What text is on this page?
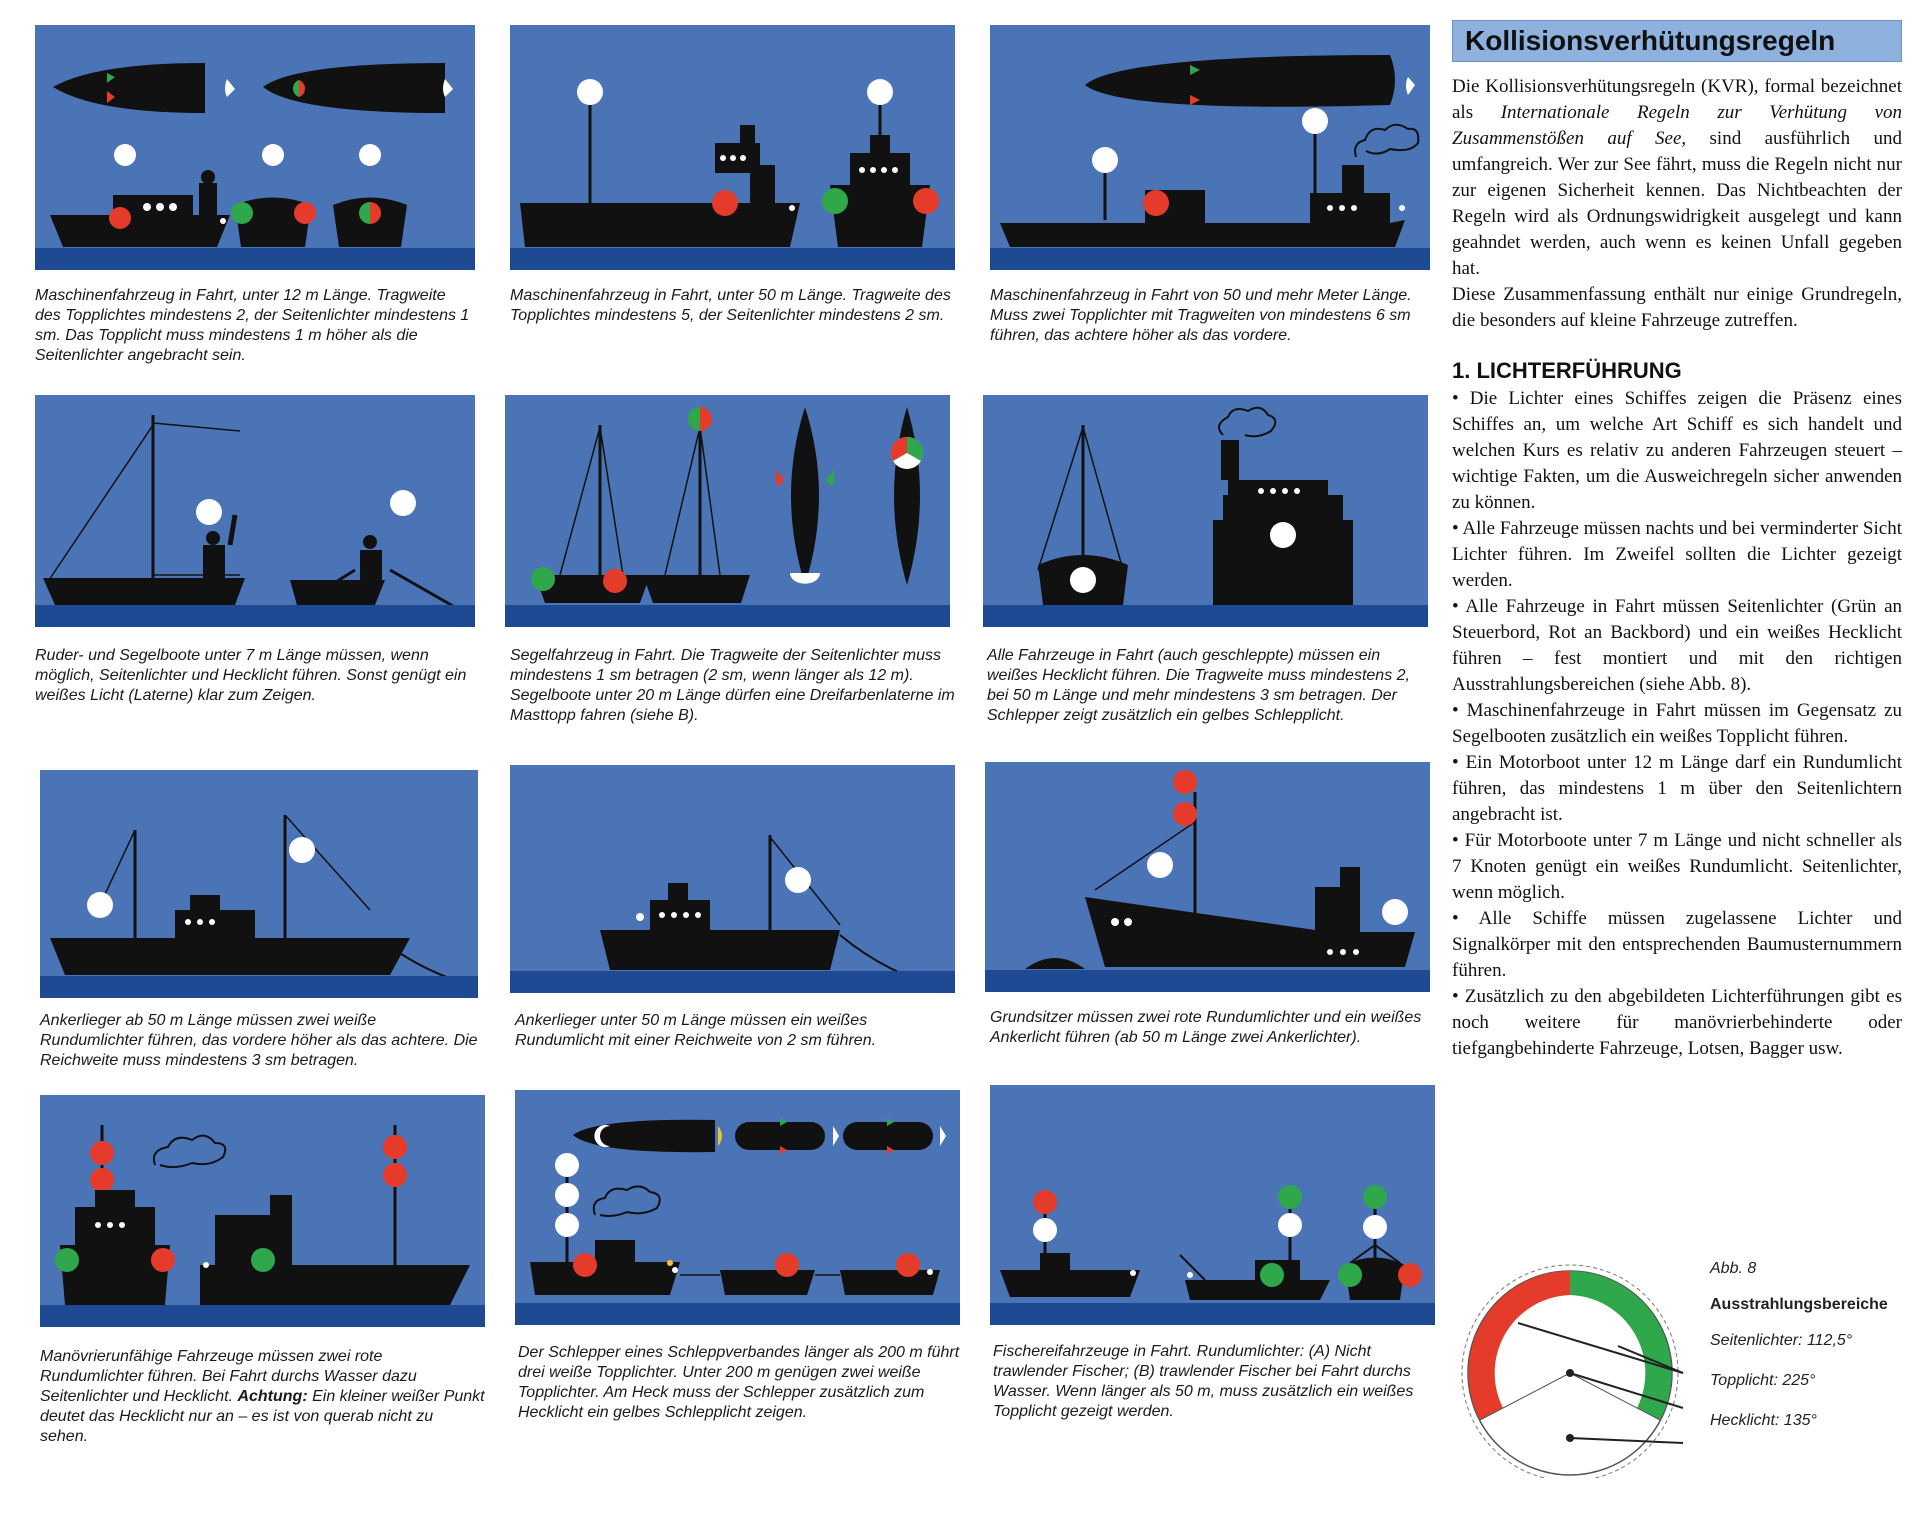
Maschinenfahrzeug in Fahrt, unter 12 m Länge. Tragweite des Topplichtes mindestens 2, der Seitenlichter mindestens 1 sm. Das Topplicht muss mindestens 1 m höher als die Seitenlichter angebracht sein.
Maschinenfahrzeug in Fahrt, unter 50 m Länge. Tragweite des Topplichtes mindestens 5, der Seitenlichter mindestens 2 sm.
Maschinenfahrzeug in Fahrt von 50 und mehr Meter Länge. Muss zwei Topplichter mit Tragweiten von mindestens 6 sm führen, das achtere höher als das vordere.
Ruder- und Segelboote unter 7 m Länge müssen, wenn möglich, Seitenlichter und Hecklicht führen. Sonst genügt ein weißes Licht (Laterne) klar zum Zeigen.
Segelfahrzeug in Fahrt. Die Tragweite der Seitenlichter muss mindestens 1 sm betragen (2 sm, wenn länger als 12 m). Segelboote unter 20 m Länge dürfen eine Dreifarbenlaterne im Masttopp fahren (siehe B).
Alle Fahrzeuge in Fahrt (auch geschleppte) müssen ein weißes Hecklicht führen. Die Tragweite muss mindestens 2, bei 50 m Länge und mehr mindestens 3 sm betragen. Der Schlepper zeigt zusätzlich ein gelbes Schlepplicht.
Ankerlieger ab 50 m Länge müssen zwei weiße Rundumlichter führen, das vordere höher als das achtere. Die Reichweite muss mindestens 3 sm betragen.
Ankerlieger unter 50 m Länge müssen ein weißes Rundumlicht mit einer Reichweite von 2 sm führen.
Grundsitzer müssen zwei rote Rundumlichter und ein weißes Ankerlicht führen (ab 50 m Länge zwei Ankerlichter).
Manövrierunfähige Fahrzeuge müssen zwei rote Rundumlichter führen. Bei Fahrt durchs Wasser dazu Seitenlichter und Hecklicht. Achtung: Ein kleiner weißer Punkt deutet das Hecklicht nur an – es ist von querab nicht zu sehen.
Der Schlepper eines Schleppverbandes länger als 200 m führt drei weiße Topplichter. Unter 200 m genügen zwei weiße Topplichter. Am Heck muss der Schlepper zusätzlich zum Hecklicht ein gelbes Schlepplicht zeigen.
Fischereifahrzeuge in Fahrt. Rundumlichter: (A) Nicht trawlender Fischer; (B) trawlender Fischer bei Fahrt durchs Wasser. Wenn länger als 50 m, muss zusätzlich ein weißes Topplicht gezeigt werden.
Kollisionsverhütungsregeln

Die Kollisionsverhütungsregeln (KVR), formal bezeichnet als Internationale Regeln zur Verhütung von Zusammenstößen auf See, sind ausführlich und umfangreich. Wer zur See fährt, muss die Regeln nicht nur zur eigenen Sicherheit kennen. Das Nichtbeachten der Regeln wird als Ordnungswidrigkeit ausgelegt und kann geahndet werden, auch wenn es keinen Unfall gegeben hat.

Diese Zusammenfassung enthält nur einige Grundregeln, die besonders auf kleine Fahrzeuge zutreffen.

1. LICHTERFÜHRUNG

• Die Lichter eines Schiffes zeigen die Präsenz eines Schiffes an, um welche Art Schiff es sich handelt und welchen Kurs es relativ zu anderen Fahrzeugen steuert – wichtige Fakten, um die Ausweichregeln sicher anwenden zu können.

• Alle Fahrzeuge müssen nachts und bei verminderter Sicht Lichter führen. Im Zweifel sollten die Lichter gezeigt werden.

• Alle Fahrzeuge in Fahrt müssen Seitenlichter (Grün an Steuerbord, Rot an Backbord) und ein weißes Hecklicht führen – fest montiert und mit den richtigen Ausstrahlungsbereichen (siehe Abb. 8).

• Maschinenfahrzeuge in Fahrt müssen im Gegensatz zu Segelbooten zusätzlich ein weißes Topplicht führen.

• Ein Motorboot unter 12 m Länge darf ein Rundumlicht führen, das mindestens 1 m über den Seitenlichtern angebracht ist.

• Für Motorboote unter 7 m Länge und nicht schneller als 7 Knoten genügt ein weißes Rundumlicht. Seitenlichter, wenn möglich.

• Alle Schiffe müssen zugelassene Lichter und Signalkörper mit den entsprechenden Baumusternummern führen.

• Zusätzlich zu den abgebildeten Lichterführungen gibt es noch weitere für manövrierbehinderte oder tiefgangbehinderte Fahrzeuge, Lotsen, Bagger usw.

Abb. 8
Ausstrahlungsbereiche
Seitenlichter: 112,5°
Topplicht: 225°
Hecklicht: 135°
